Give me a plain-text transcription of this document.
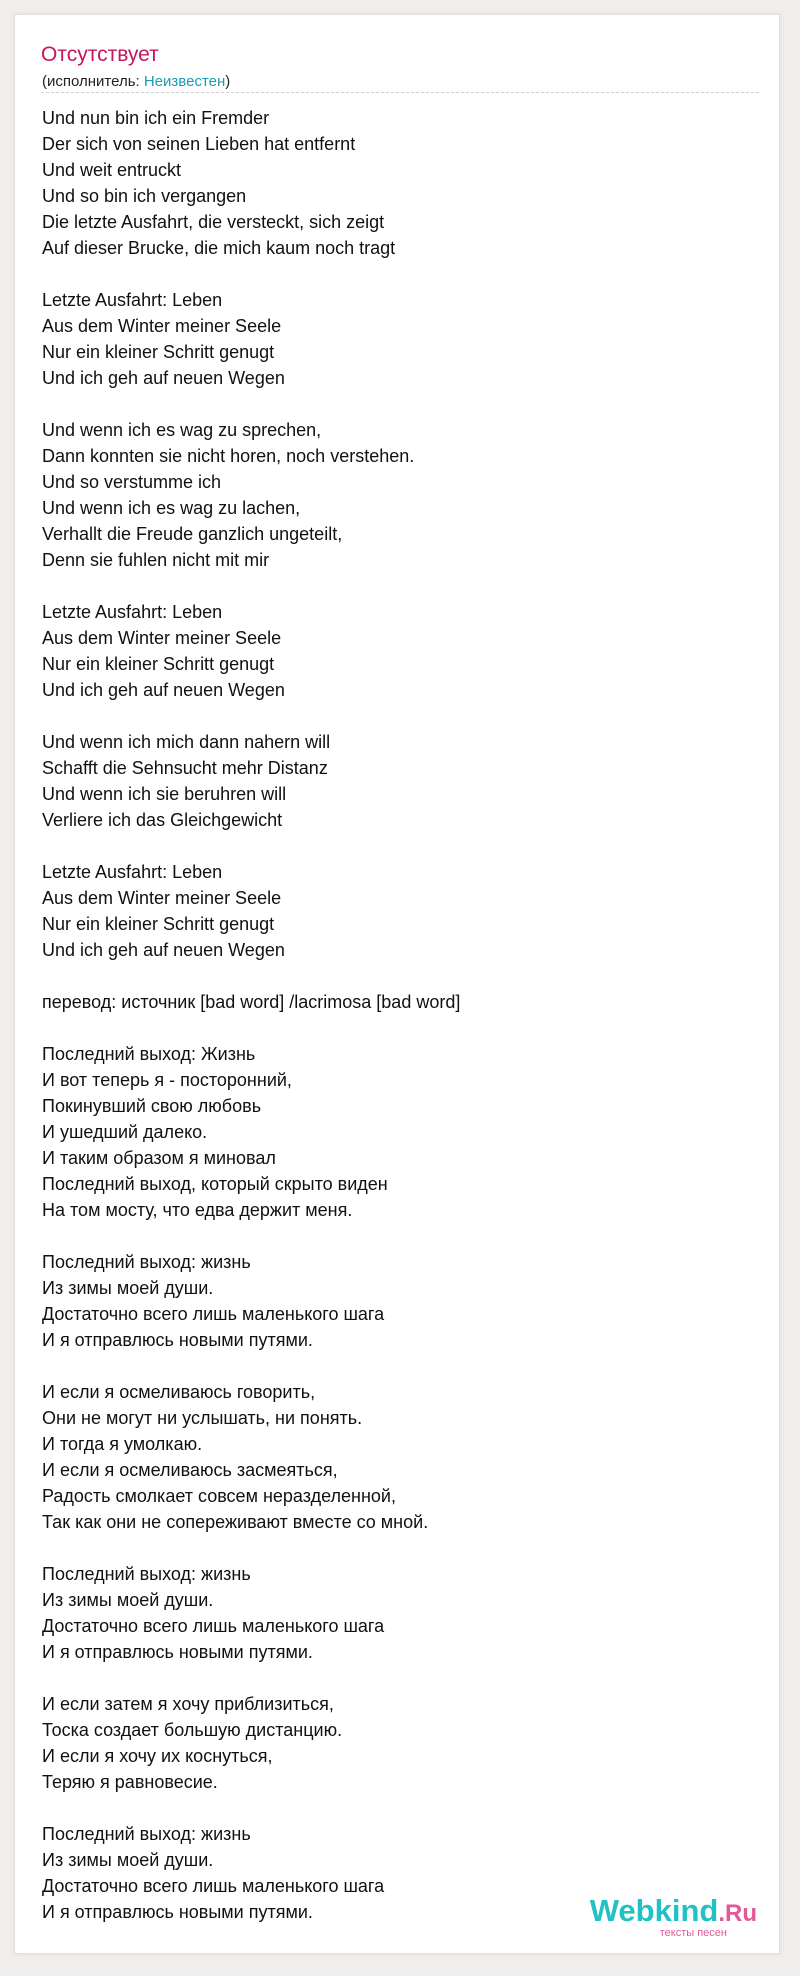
Отсутствует
(исполнитель: Неизвестен)

Und nun bin ich ein Fremder
Der sich von seinen Lieben hat entfernt
Und weit entruckt
Und so bin ich vergangen
Die letzte Ausfahrt, die versteckt, sich zeigt
Auf dieser Brucke, die mich kaum noch tragt

Letzte Ausfahrt: Leben
Aus dem Winter meiner Seele
Nur ein kleiner Schritt genugt
Und ich geh auf neuen Wegen

Und wenn ich es wag zu sprechen,
Dann konnten sie nicht horen, noch verstehen.
Und so verstumme ich
Und wenn ich es wag zu lachen,
Verhallt die Freude ganzlich ungeteilt,
Denn sie fuhlen nicht mit mir

Letzte Ausfahrt: Leben
Aus dem Winter meiner Seele
Nur ein kleiner Schritt genugt
Und ich geh auf neuen Wegen

Und wenn ich mich dann nahern will
Schafft die Sehnsucht mehr Distanz
Und wenn ich sie beruhren will
Verliere ich das Gleichgewicht

Letzte Ausfahrt: Leben
Aus dem Winter meiner Seele
Nur ein kleiner Schritt genugt
Und ich geh auf neuen Wegen

перевод: источник [bad word] /lacrimosa [bad word]

Последний выход: Жизнь
И вот теперь я - посторонний,
Покинувший свою любовь
И ушедший далеко.
И таким образом я миновал
Последний выход, который скрыто виден
На том мосту, что едва держит меня.

Последний выход: жизнь
Из зимы моей души.
Достаточно всего лишь маленького шага
И я отправлюсь новыми путями.

И если я осмеливаюсь говорить,
Они не могут ни услышать, ни понять.
И тогда я умолкаю.
И если я осмеливаюсь засмеяться,
Радость смолкает совсем неразделенной,
Так как они не сопереживают вместе со мной.

Последний выход: жизнь
Из зимы моей души.
Достаточно всего лишь маленького шага
И я отправлюсь новыми путями.

И если затем я хочу приблизиться,
Тоска создает большую дистанцию.
И если я хочу их коснуться,
Теряю я равновесие.

Последний выход: жизнь
Из зимы моей души.
Достаточно всего лишь маленького шага
И я отправлюсь новыми путями.	Webkind.Ru
тексты песен
